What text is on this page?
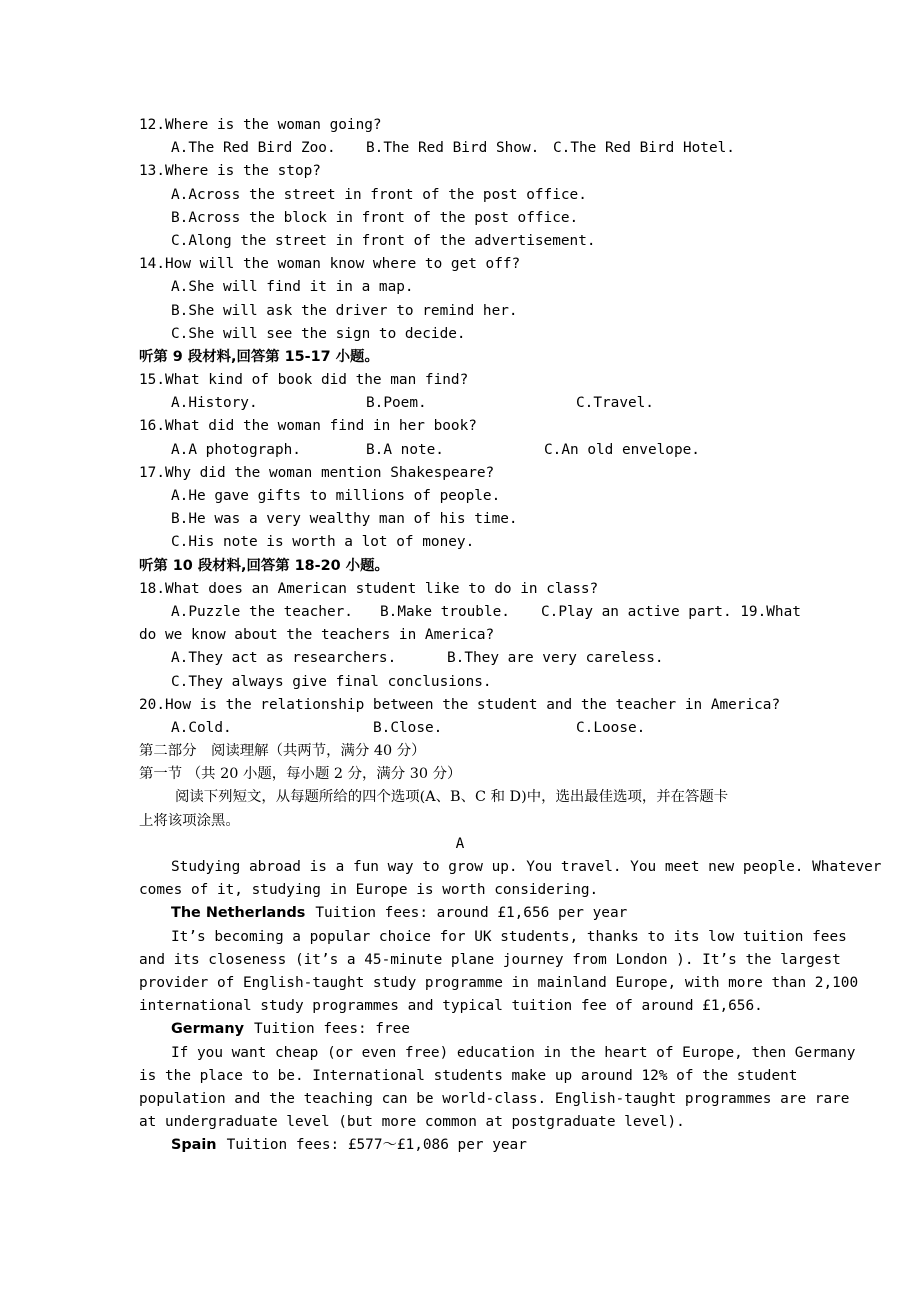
12.Where is the woman going?
A.The Red Bird Zoo. B.The Red Bird Show. C.The Red Bird Hotel.
13.Where is the stop?
A.Across the street in front of the post office.
B.Across the block in front of the post office.
C.Along the street in front of the advertisement.
14.How will the woman know where to get off?
A.She will find it in a map.
B.She will ask the driver to remind her.
C.She will see the sign to decide.
听第 9 段材料,回答第 15-17 小题。
15.What kind of book did the man find?
A.History.	B.Poem.	C.Travel.
16.What did the woman find in her book?
A.A photograph.	B.A note.	C.An old envelope.
17.Why did the woman mention Shakespeare?
A.He gave gifts to millions of people.
B.He was a very wealthy man of his time.
C.His note is worth a lot of money.
听第 10 段材料,回答第 18-20 小题。
18.What does an American student like to do in class?
A.Puzzle the teacher. B.Make trouble. C.Play an active part. 19.What
do we know about the teachers in America?
A.They act as researchers.	B.They are very careless.
C.They always give final conclusions.
20.How is the relationship between the student and the teacher in America?
A.Cold.	B.Close.	C.Loose.
第二部分　阅读理解（共两节，满分 40 分）
第一节 （共 20 小题，每小题 2 分，满分 30 分）
阅读下列短文，从每题所给的四个选项(A、B、C 和 D)中，选出最佳选项，并在答题卡
上将该项涂黑。
A
Studying abroad is a fun way to grow up. You travel. You meet new people. Whatever
comes of it, studying in Europe is worth considering.
The Netherlands Tuition fees: around £1,656 per year
It’s becoming a popular choice for UK students, thanks to its low tuition fees
and its closeness (it’s a 45-minute plane journey from London ). It’s the largest
provider of English-taught study programme in mainland Europe, with more than 2,100
international study programmes and typical tuition fee of around £1,656.
Germany Tuition fees: free
If you want cheap (or even free) education in the heart of Europe, then Germany
is the place to be. International students make up around 12% of the student
population and the teaching can be world-class. English-taught programmes are rare
at undergraduate level (but more common at postgraduate level).
Spain Tuition fees: £577～£1,086 per year
